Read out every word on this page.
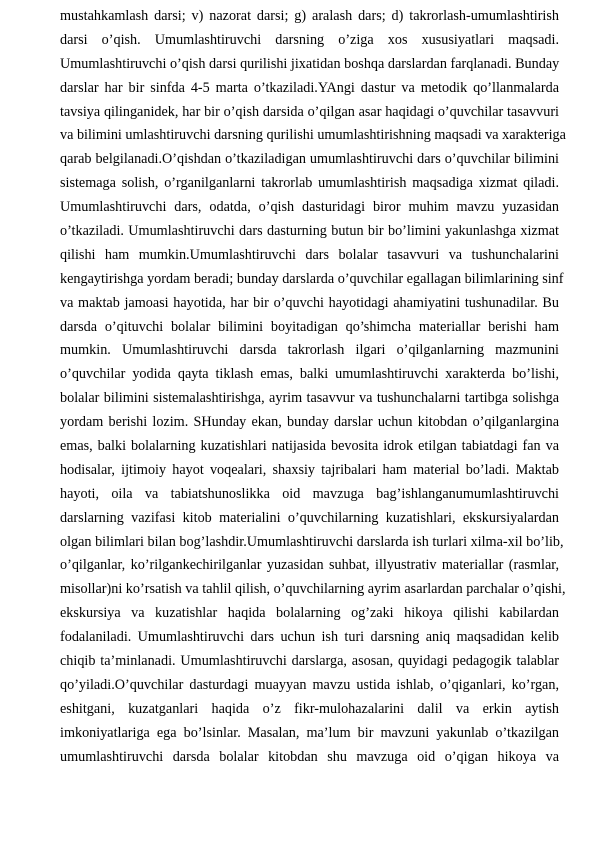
mustahkamlash darsi; v) nazorat darsi; g) aralash dars; d) takrorlash-umumlashtirish
darsi o’qish. Umumlashtiruvchi darsning o’ziga xos xususiyatlari maqsadi.
Umumlashtiruvchi o’qish darsi qurilishi jixatidan boshqa darslardan farqlanadi. Bunday
darslar har bir sinfda 4-5 marta o’tkaziladi.YAngi dastur va metodik qo’llanmalarda
tavsiya qilinganidek, har bir o’qish darsida o’qilgan asar haqidagi o’quvchilar tasavvuri
va bilimini umlashtiruvchi darsning qurilishi umumlashtirishning maqsadi va xarakteriga
qarab belgilanadi.O’qishdan o’tkaziladigan umumlashtiruvchi dars o’quvchilar bilimini
sistemaga solish, o’rganilganlarni takrorlab umumlashtirish maqsadiga xizmat qiladi.
Umumlashtiruvchi dars, odatda, o’qish dasturidagi biror muhim mavzu yuzasidan
o’tkaziladi. Umumlashtiruvchi dars dasturning butun bir bo’limini yakunlashga xizmat
qilishi ham mumkin.Umumlashtiruvchi dars bolalar tasavvuri va tushunchalarini
kengaytirishga yordam beradi; bunday darslarda o’quvchilar egallagan bilimlarining sinf
va maktab jamoasi hayotida, har bir o’quvchi hayotidagi ahamiyatini tushunadilar. Bu
darsda o’qituvchi bolalar bilimini boyitadigan qo’shimcha materiallar berishi ham
mumkin. Umumlashtiruvchi darsda takrorlash ilgari o’qilganlarning mazmunini
o’quvchilar yodida qayta tiklash emas, balki umumlashtiruvchi xarakterda bo’lishi,
bolalar bilimini sistemalashtirishga, ayrim tasavvur va tushunchalarni tartibga solishga
yordam berishi lozim. SHunday ekan, bunday darslar uchun kitobdan o’qilganlargina
emas, balki bolalarning kuzatishlari natijasida bevosita idrok etilgan tabiatdagi fan va
hodisalar, ijtimoiy hayot voqealari, shaxsiy tajribalari ham material bo’ladi. Maktab
hayoti, oila va tabiatshunoslikka oid mavzuga bag’ishlanganumumlashtiruvchi
darslarning vazifasi kitob materialini o’quvchilarning kuzatishlari, ekskursiyalardan
olgan bilimlari bilan bog’lashdir.Umumlashtiruvchi darslarda ish turlari xilma-xil bo’lib,
o’qilganlar, ko’rilgankechirilganlar yuzasidan suhbat, illyustrativ materiallar (rasmlar,
misollar)ni ko’rsatish va tahlil qilish, o’quvchilarning ayrim asarlardan parchalar o’qishi,
ekskursiya va kuzatishlar haqida bolalarning og’zaki hikoya qilishi kabilardan
fodalaniladi. Umumlashtiruvchi dars uchun ish turi darsning aniq maqsadidan kelib
chiqib ta’minlanadi. Umumlashtiruvchi darslarga, asosan, quyidagi pedagogik talablar
qo’yiladi.O’quvchilar dasturdagi muayyan mavzu ustida ishlab, o’qiganlari, ko’rgan,
eshitgani, kuzatganlari haqida o’z fikr-mulohazalarini dalil va erkin aytish
imkoniyatlariga ega bo’lsinlar. Masalan, ma’lum bir mavzuni yakunlab o’tkazilgan
umumlashtiruvchi darsda bolalar kitobdan shu mavzuga oid o’qigan hikoya va
